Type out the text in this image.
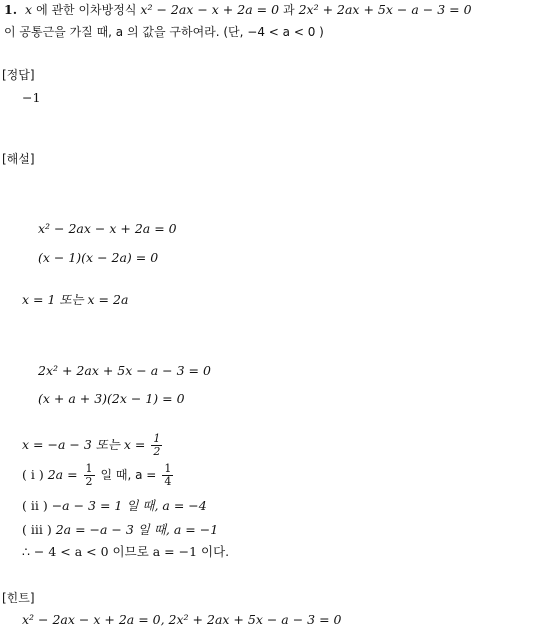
1. x 에 관한 이차방정식 x² − 2ax − x + 2a = 0 과 2x² + 2ax + 5x − a − 3 = 0
이 공통근을 가질 때, a 의 값을 구하여라. (단, −4 < a < 0 )
[정답]
−1
[해설]
x² − 2ax − x + 2a = 0
(x − 1)(x − 2a) = 0
x = 1 또는 x = 2a
2x² + 2ax + 5x − a − 3 = 0
(x + a + 3)(2x − 1) = 0
x = −a − 3 또는 $x = \frac{1}{2}$
( i ) $2a = \frac{1}{2}$ 일 때, $a = \frac{1}{4}$
( ii ) −a − 3 = 1 일 때, a = −4
( iii ) 2a = −a − 3 일 때, a = −1
∴ − 4 < a < 0 이므로 a = −1 이다.
[힌트]
x² − 2ax − x + 2a = 0, 2x² + 2ax + 5x − a − 3 = 0
